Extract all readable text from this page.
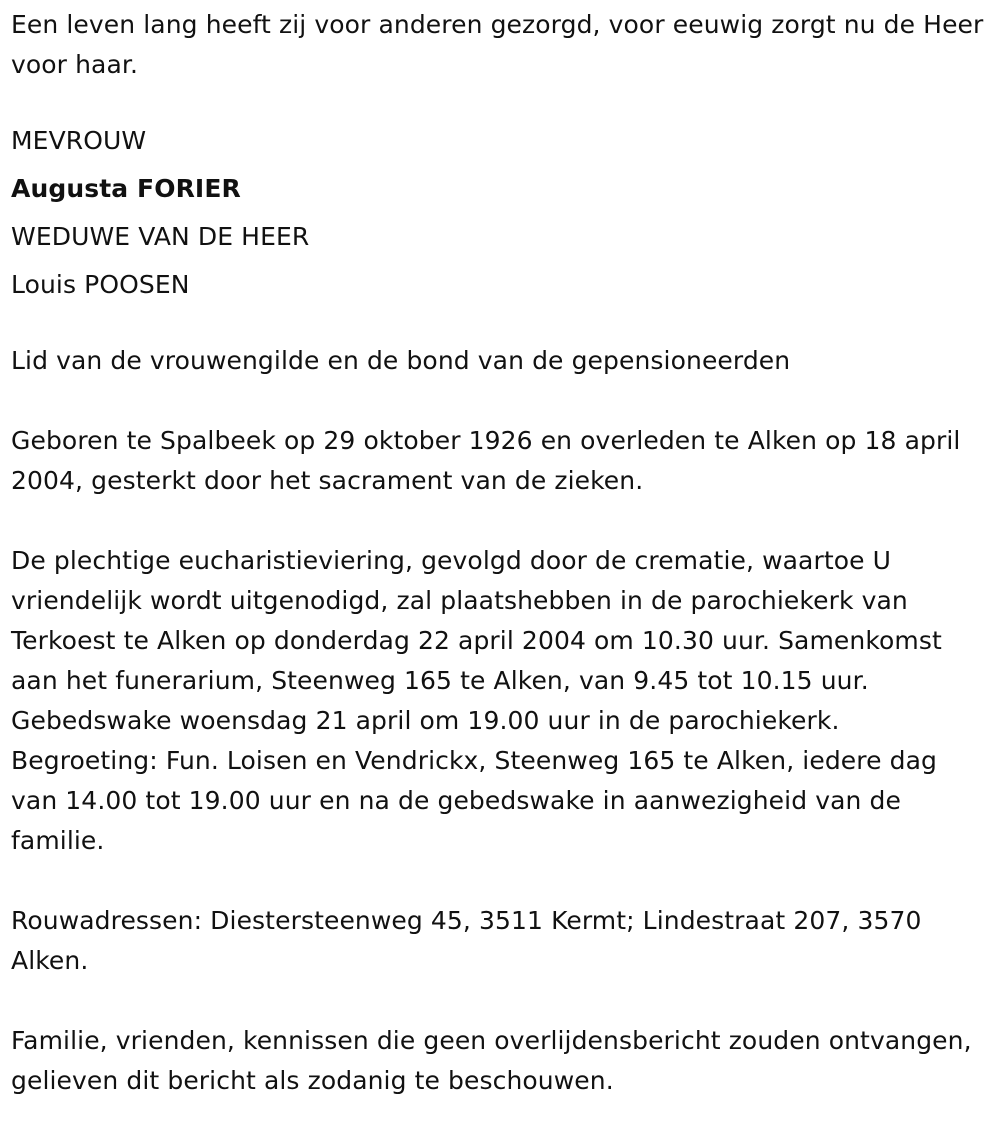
Een leven lang heeft zij voor anderen gezorgd, voor eeuwig zorgt nu de Heer voor haar.

MEVROUW

Augusta FORIER

WEDUWE VAN DE HEER

Louis POOSEN

Lid van de vrouwengilde en de bond van de gepensioneerden

Geboren te Spalbeek op 29 oktober 1926 en overleden te Alken op 18 april 2004, gesterkt door het sacrament van de zieken.

De plechtige eucharistieviering, gevolgd door de crematie, waartoe U vriendelijk wordt uitgenodigd, zal plaatshebben in de parochiekerk van Terkoest te Alken op donderdag 22 april 2004 om 10.30 uur. Samenkomst aan het funerarium, Steenweg 165 te Alken, van 9.45 tot 10.15 uur. Gebedswake woensdag 21 april om 19.00 uur in de parochiekerk. Begroeting: Fun. Loisen en Vendrickx, Steenweg 165 te Alken, iedere dag van 14.00 tot 19.00 uur en na de gebedswake in aanwezigheid van de familie.

Rouwadressen: Diestersteenweg 45, 3511 Kermt; Lindestraat 207, 3570 Alken.

Familie, vrienden, kennissen die geen overlijdensbericht zouden ontvangen, gelieven dit bericht als zodanig te beschouwen.
